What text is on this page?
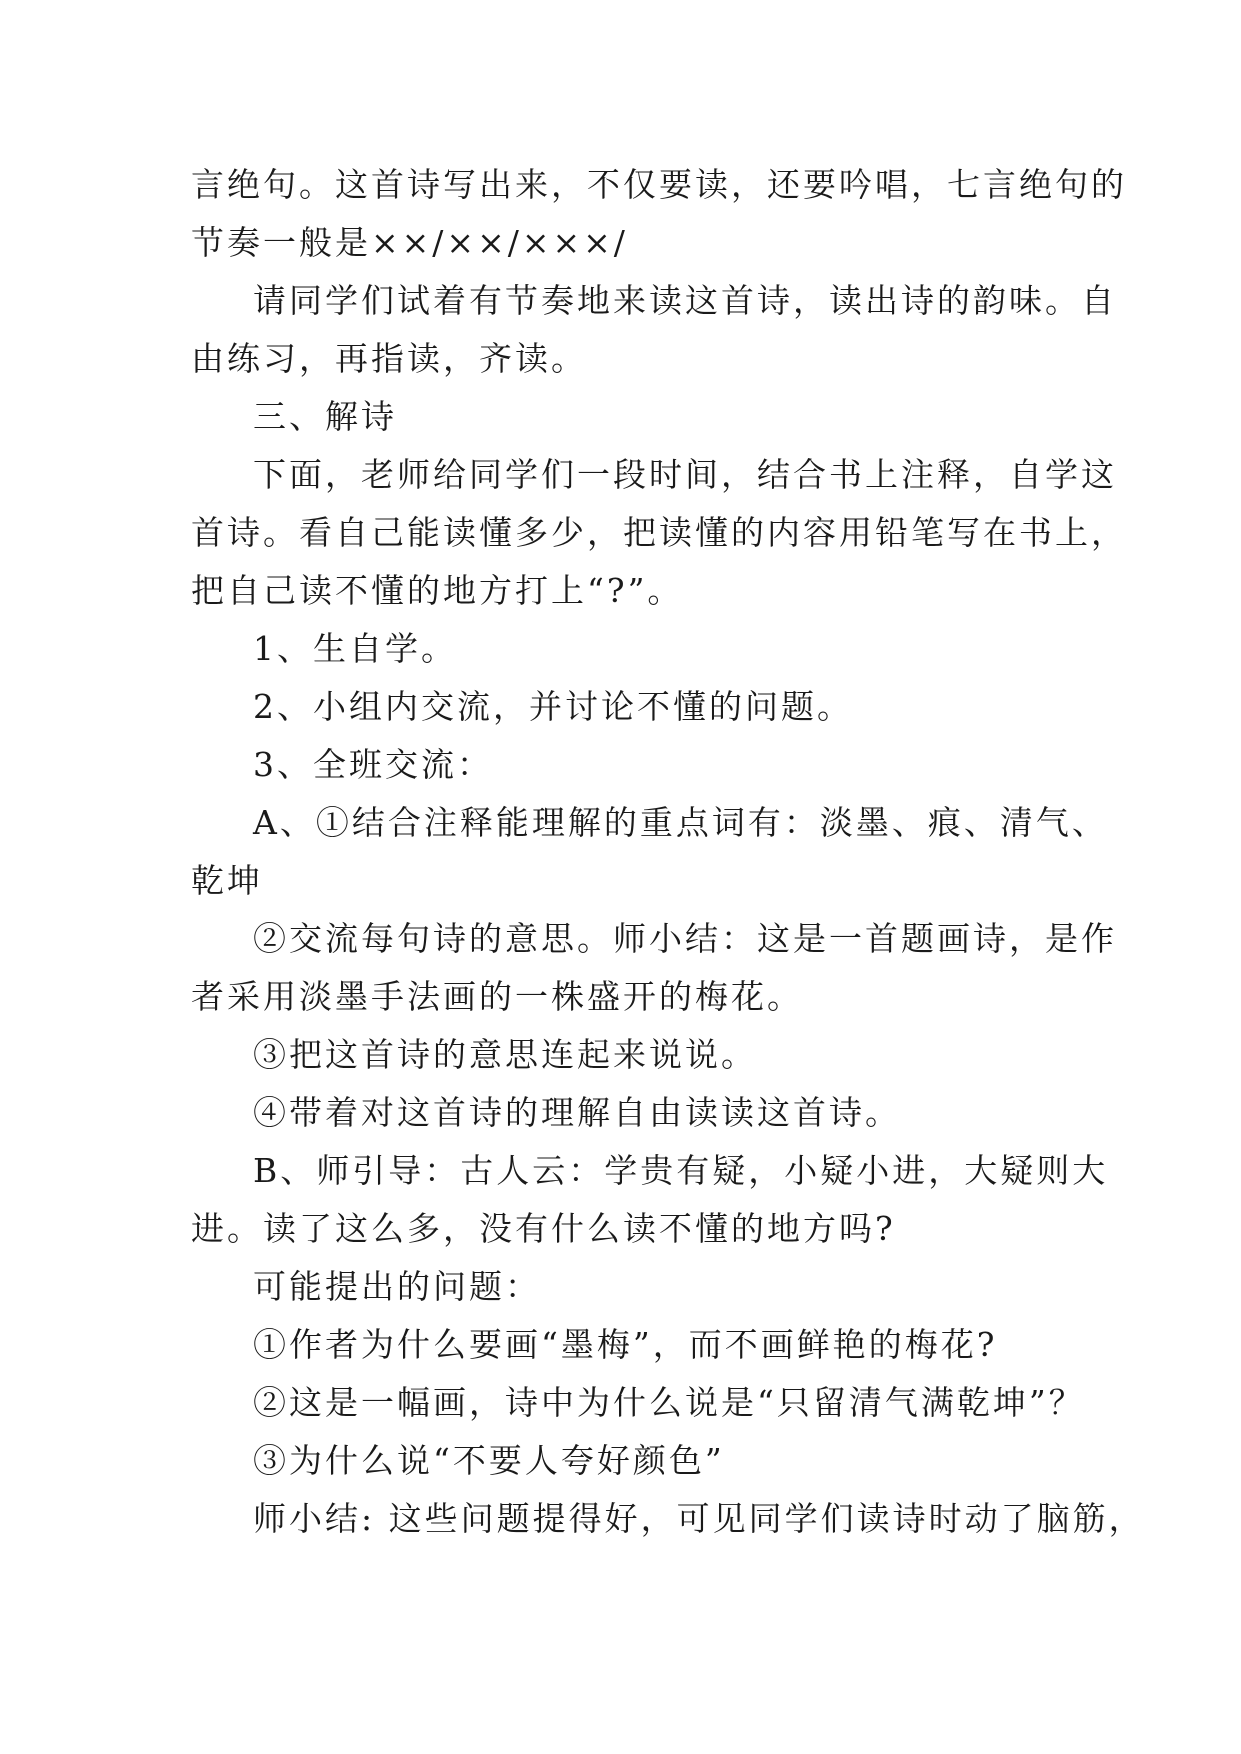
言绝句。这首诗写出来，不仅要读，还要吟唱，七言绝句的
节奏一般是××/××/×××/
请同学们试着有节奏地来读这首诗，读出诗的韵味。自
由练习，再指读，齐读。
三、解诗
下面，老师给同学们一段时间，结合书上注释，自学这
首诗。看自己能读懂多少，把读懂的内容用铅笔写在书上，
把自己读不懂的地方打上“?”。
1、生自学。
2、小组内交流，并讨论不懂的问题。
3、全班交流：
A、①结合注释能理解的重点词有：淡墨、痕、清气、
乾坤
②交流每句诗的意思。师小结：这是一首题画诗，是作
者采用淡墨手法画的一株盛开的梅花。
③把这首诗的意思连起来说说。
④带着对这首诗的理解自由读读这首诗。
B、师引导：古人云：学贵有疑，小疑小进，大疑则大
进。读了这么多，没有什么读不懂的地方吗?
可能提出的问题：
①作者为什么要画“墨梅”，而不画鲜艳的梅花?
②这是一幅画，诗中为什么说是“只留清气满乾坤”？
③为什么说“不要人夸好颜色”
师小结: 这些问题提得好，可见同学们读诗时动了脑筋，
